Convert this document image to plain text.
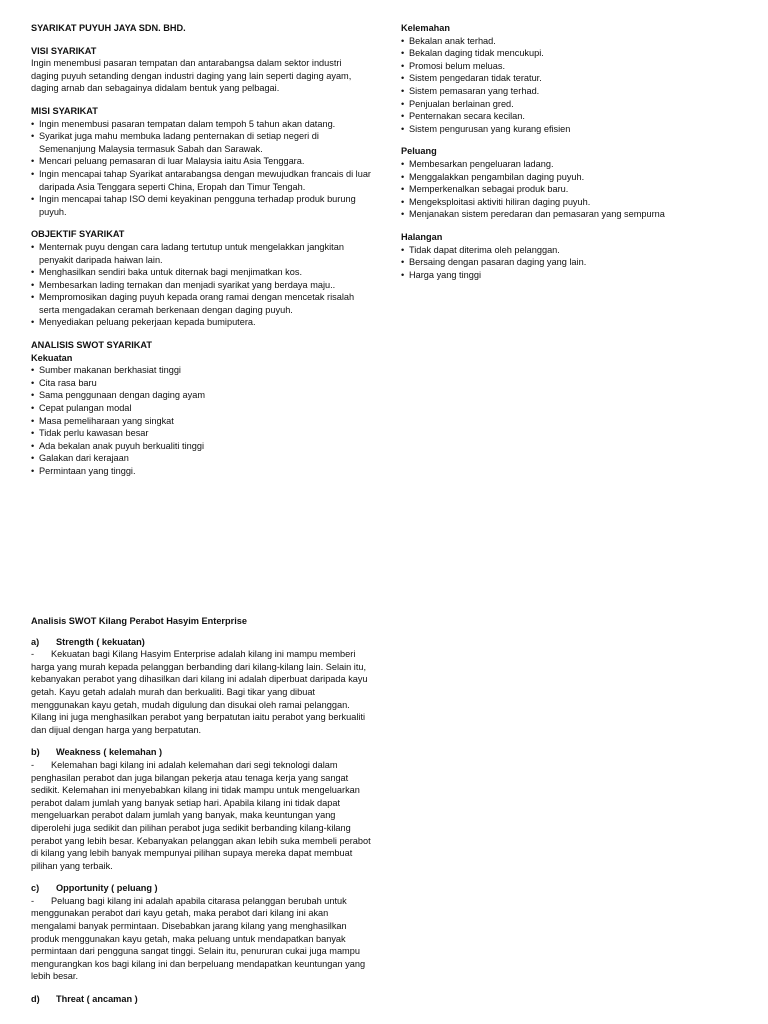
SYARIKAT PUYUH JAYA SDN. BHD.

VISI SYARIKAT

Ingin menembusi pasaran tempatan dan antarabangsa dalam sektor industri daging puyuh setanding dengan industri daging yang lain seperti daging ayam, daging arnab dan sebagainya didalam bentuk yang pelbagai.

MISI SYARIKAT

• Ingin menembusi pasaran tempatan dalam tempoh 5 tahun akan datang.
• Syarikat juga mahu membuka ladang penternakan di setiap negeri di Semenanjung Malaysia termasuk Sabah dan Sarawak.
• Mencari peluang pemasaran di luar Malaysia iaitu Asia Tenggara.
• Ingin mencapai tahap Syarikat antarabangsa dengan mewujudkan francais di luar daripada Asia Tenggara seperti China, Eropah dan Timur Tengah.
• Ingin mencapai tahap ISO demi keyakinan pengguna terhadap produk burung puyuh.

OBJEKTIF SYARIKAT

• Menternak puyu dengan cara ladang tertutup untuk mengelakkan jangkitan penyakit daripada haiwan lain.
• Menghasilkan sendiri baka untuk diternak bagi menjimatkan kos.
• Membesarkan lading ternakan dan menjadi syarikat yang berdaya maju..
• Mempromosikan daging puyuh kepada orang ramai dengan mencetak risalah serta mengadakan ceramah berkenaan dengan daging puyuh.
• Menyediakan peluang pekerjaan kepada bumiputera.

ANALISIS SWOT SYARIKAT

Kekuatan

• Sumber makanan berkhasiat tinggi
• Cita rasa baru
• Sama penggunaan dengan daging ayam
• Cepat pulangan modal
• Masa pemeliharaan yang singkat
• Tidak perlu kawasan besar
• Ada bekalan anak puyuh berkualiti tinggi
• Galakan dari kerajaan
• Permintaan yang tinggi.

Kelemahan

• Bekalan anak terhad.
• Bekalan daging tidak mencukupi.
• Promosi belum meluas.
• Sistem pengedaran tidak teratur.
• Sistem pemasaran yang terhad.
• Penjualan berlainan gred.
• Penternakan secara kecilan.
• Sistem pengurusan yang kurang efisien

Peluang

• Membesarkan pengeluaran ladang.
• Menggalakkan pengambilan daging puyuh.
• Memperkenalkan sebagai produk baru.
• Mengeksploitasi aktiviti hiliran daging puyuh.
• Menjanakan sistem peredaran dan pemasaran yang sempurna

Halangan

• Tidak dapat diterima oleh pelanggan.
• Bersaing dengan pasaran daging yang lain.
• Harga yang tinggi

Analisis SWOT Kilang Perabot Hasyim Enterprise

a)	Strength ( kekuatan)

- Kekuatan bagi Kilang Hasyim Enterprise adalah kilang ini mampu memberi harga yang murah kepada pelanggan berbanding dari kilang-kilang lain. Selain itu, kebanyakan perabot yang dihasilkan dari kilang ini adalah diperbuat daripada kayu getah. Kayu getah adalah murah dan berkualiti. Bagi tikar yang dibuat menggunakan kayu getah, mudah digulung dan disukai oleh ramai pelanggan. Kilang ini juga menghasilkan perabot yang berpatutan iaitu perabot yang berkualiti dan dijual dengan harga yang berpatutan.

b)	Weakness ( kelemahan )

- Kelemahan bagi kilang ini adalah kelemahan dari segi teknologi dalam penghasilan perabot dan juga bilangan pekerja atau tenaga kerja yang sangat sedikit. Kelemahan ini menyebabkan kilang ini tidak mampu untuk mengeluarkan perabot dalam jumlah yang banyak setiap hari. Apabila kilang ini tidak dapat mengeluarkan perabot dalam jumlah yang banyak, maka keuntungan yang diperolehi juga sedikit dan pilihan perabot juga sedikit berbanding kilang-kilang perabot yang lebih besar. Kebanyakan pelanggan akan lebih suka membeli perabot di kilang yang lebih banyak mempunyai pilihan supaya mereka dapat membuat pilihan yang terbaik.

c)	Opportunity ( peluang )

- Peluang bagi kilang ini adalah apabila citarasa pelanggan berubah untuk menggunakan perabot dari kayu getah, maka perabot dari kilang ini akan mengalami banyak permintaan. Disebabkan jarang kilang yang menghasilkan produk menggunakan kayu getah, maka peluang untuk mendapatkan banyak permintaan dari pengguna sangat tinggi. Selain itu, penururan cukai juga mampu mengurangkan kos bagi kilang ini dan berpeluang mendapatkan keuntungan yang lebih besar.

d)	Threat ( ancaman )
